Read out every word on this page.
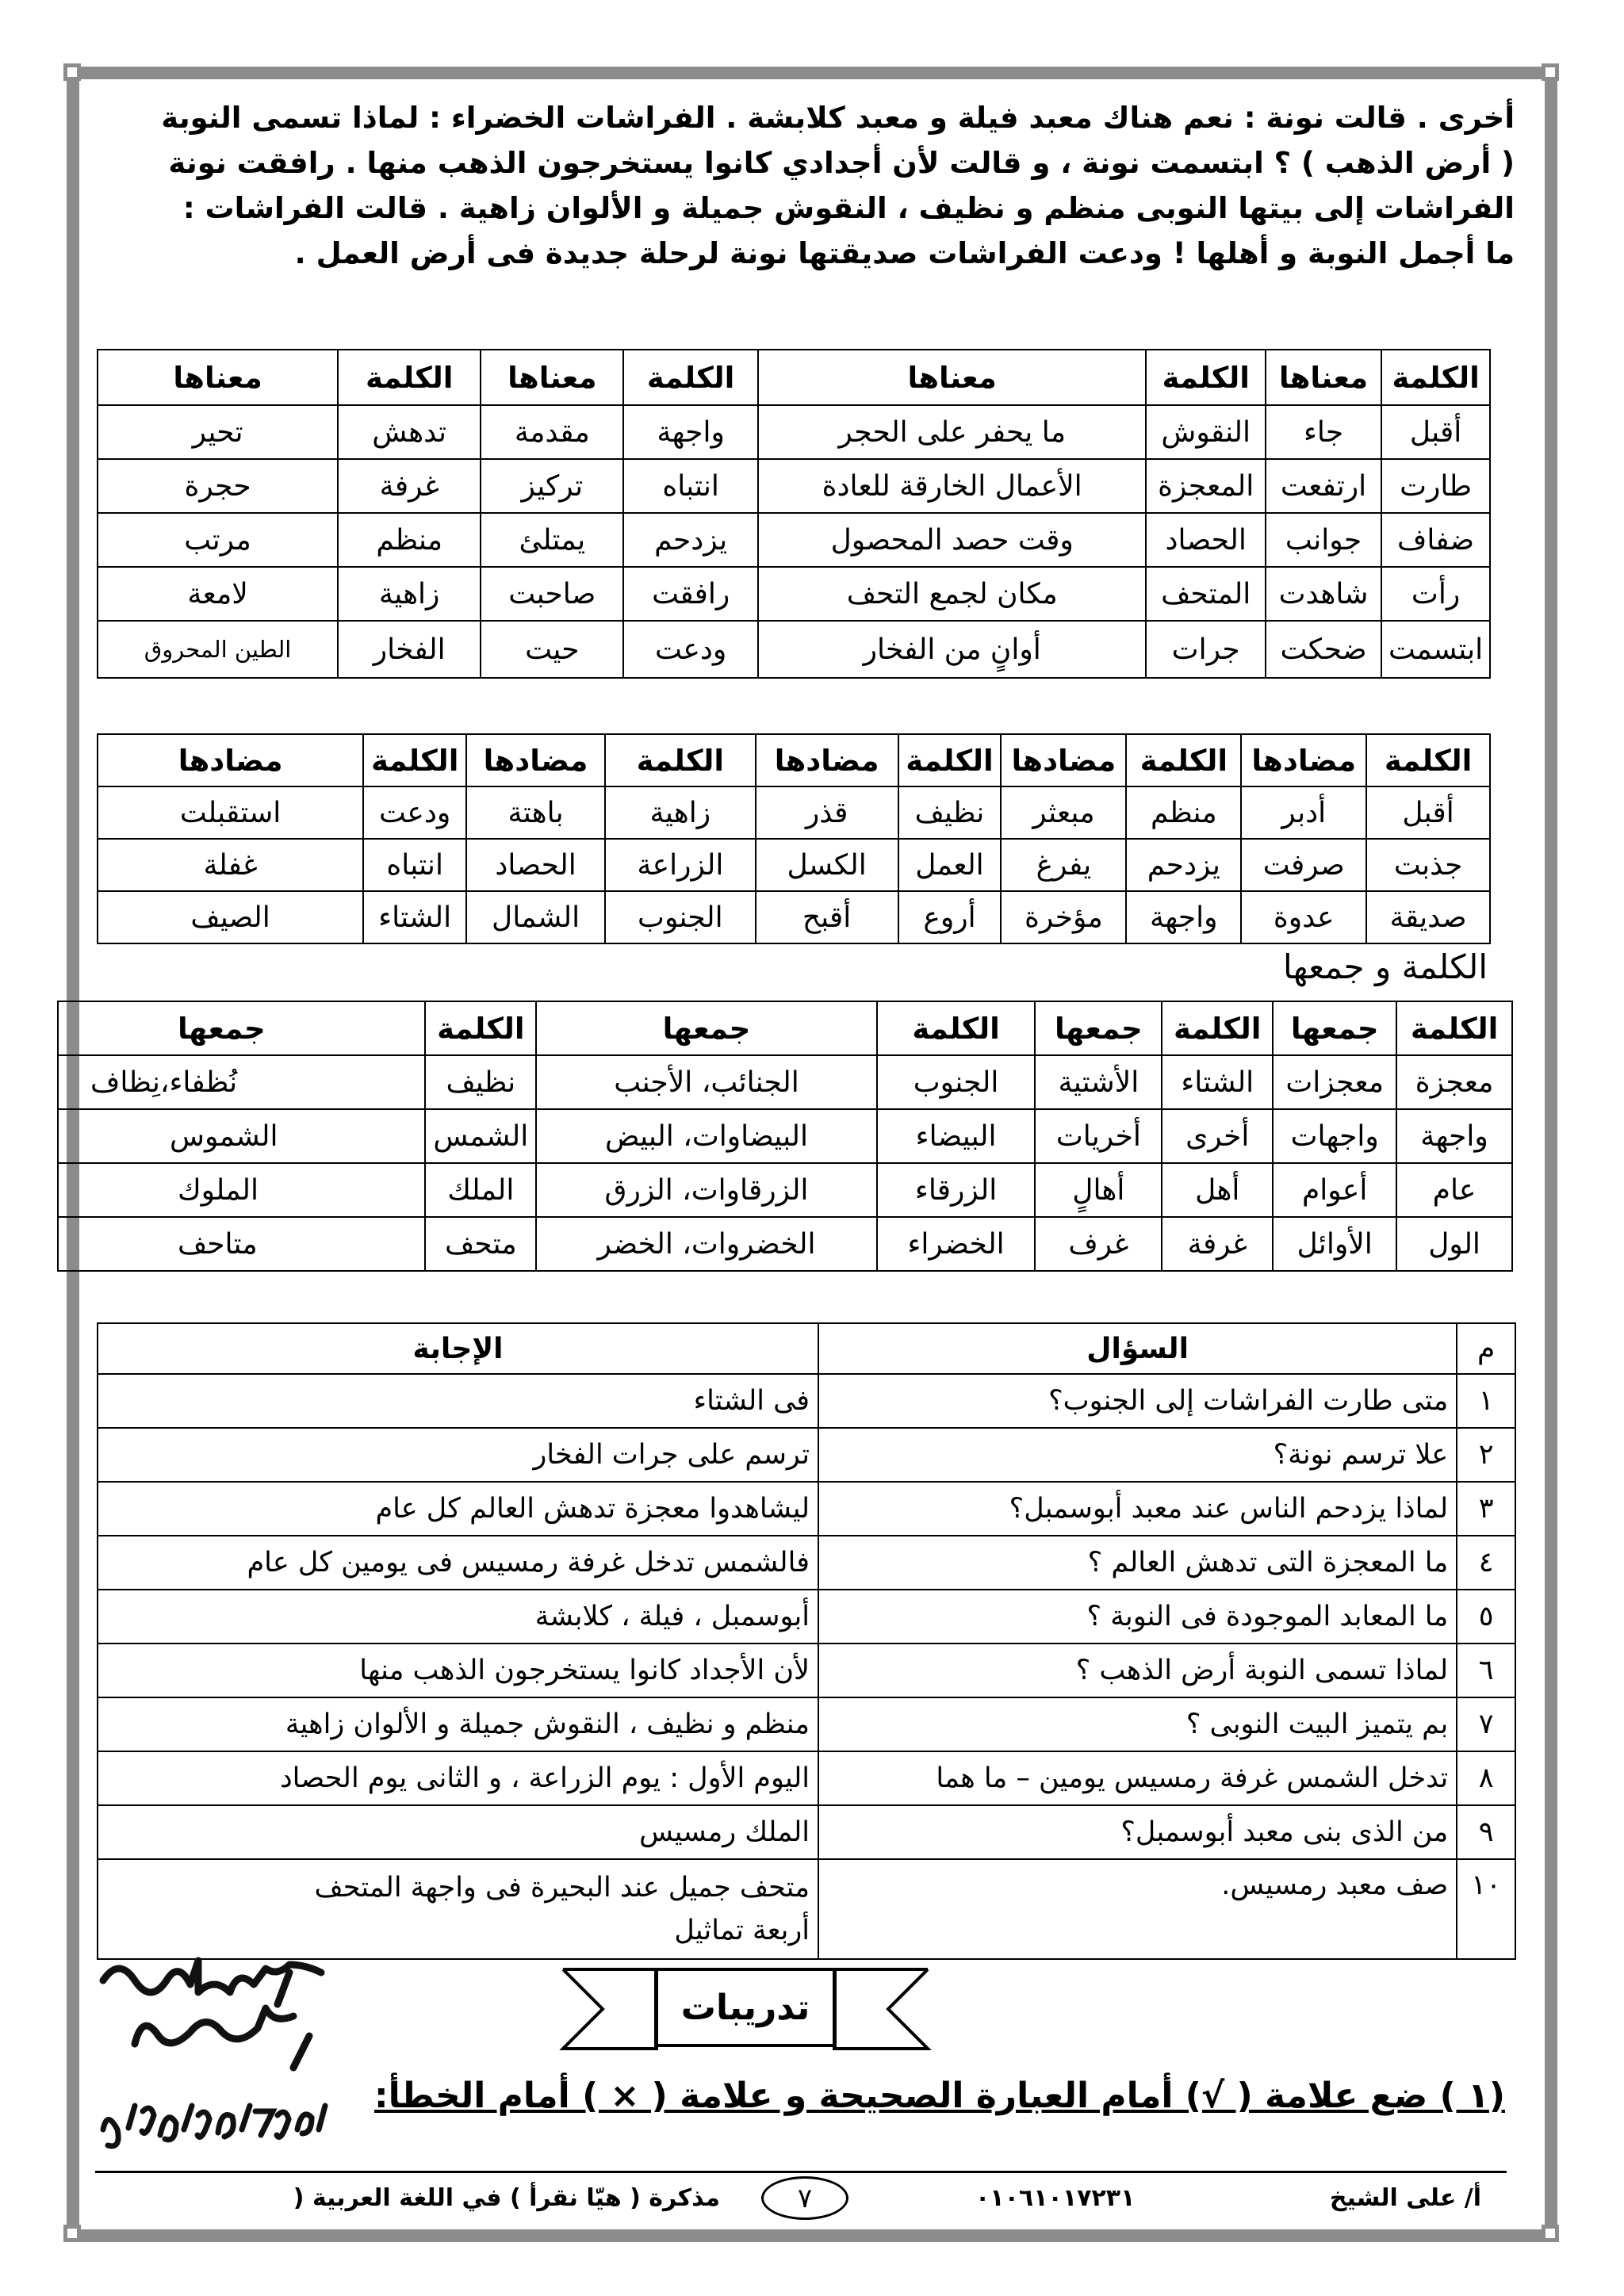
أخرى . قالت نونة : نعم هناك معبد فيلة و معبد كلابشة . الفراشات الخضراء : لماذا تسمى النوبة
( أرض الذهب ) ؟ ابتسمت نونة ، و قالت لأن أجدادي كانوا يستخرجون الذهب منها . رافقت نونة
الفراشات إلى بيتها النوبى منظم و نظيف ، النقوش جميلة و الألوان زاهية . قالت الفراشات :
ما أجمل النوبة و أهلها ! ودعت الفراشات صديقتها نونة لرحلة جديدة فى أرض العمل .
الكلمة	معناها	الكلمة	معناها	الكلمة	معناها	الكلمة	معناها
أقبل	جاء	النقوش	ما يحفر على الحجر	واجهة	مقدمة	تدهش	تحير
طارت	ارتفعت	المعجزة	الأعمال الخارقة للعادة	انتباه	تركيز	غرفة	حجرة
ضفاف	جوانب	الحصاد	وقت حصد المحصول	يزدحم	يمتلئ	منظم	مرتب
رأت	شاهدت	المتحف	مكان لجمع التحف	رافقت	صاحبت	زاهية	لامعة
ابتسمت	ضحكت	جرات	أوانٍ من الفخار	ودعت	حيت	الفخار	الطين المحروق
الكلمة	مضادها	الكلمة	مضادها	الكلمة	مضادها	الكلمة	مضادها	الكلمة	مضادها
أقبل	أدبر	منظم	مبعثر	نظيف	قذر	زاهية	باهتة	ودعت	استقبلت
جذبت	صرفت	يزدحم	يفرغ	العمل	الكسل	الزراعة	الحصاد	انتباه	غفلة
صديقة	عدوة	واجهة	مؤخرة	أروع	أقبح	الجنوب	الشمال	الشتاء	الصيف
الكلمة و جمعها
الكلمة	جمعها	الكلمة	جمعها	الكلمة	جمعها	الكلمة	جمعها
معجزة	معجزات	الشتاء	الأشتية	الجنوب	الجنائب، الأجنب	نظيف	نُظفاء،نِظاف
واجهة	واجهات	أخرى	أخريات	البيضاء	البيضاوات، البيض	الشمس	الشموس
عام	أعوام	أهل	أهالٍ	الزرقاء	الزرقاوات، الزرق	الملك	الملوك
الول	الأوائل	غرفة	غرف	الخضراء	الخضروات، الخضر	متحف	متاحف
م	السؤال	الإجابة
١	متى طارت الفراشات إلى الجنوب؟	فى الشتاء
٢	علا ترسم نونة؟	ترسم على جرات الفخار
٣	لماذا يزدحم الناس عند معبد أبوسمبل؟	ليشاهدوا معجزة تدهش العالم كل عام
٤	ما المعجزة التى تدهش العالم ؟	فالشمس تدخل غرفة رمسيس فى يومين كل عام
٥	ما المعابد الموجودة فى النوبة ؟	أبوسمبل ، فيلة ، كلابشة
٦	لماذا تسمى النوبة أرض الذهب ؟	لأن الأجداد كانوا يستخرجون الذهب منها
٧	بم يتميز البيت النوبى ؟	منظم و نظيف ، النقوش جميلة و الألوان زاهية
٨	تدخل الشمس غرفة رمسيس يومين – ما هما	اليوم الأول : يوم الزراعة ، و الثانى يوم الحصاد
٩	من الذى بنى معبد أبوسمبل؟	الملك رمسيس
١٠	صف معبد رمسيس.	متحف جميل عند البحيرة فى واجهة المتحف
أربعة تماثيل
تدريبات
(١ ) ضع علامة ( √) أمام العبارة الصحيحة و علامة ( × ) أمام الخطأ:
أ/ على الشيخ
٠١٠٦١٠١٧٢٣١
٧
مذكرة ( هيّا نقرأ ) في اللغة العربية (
